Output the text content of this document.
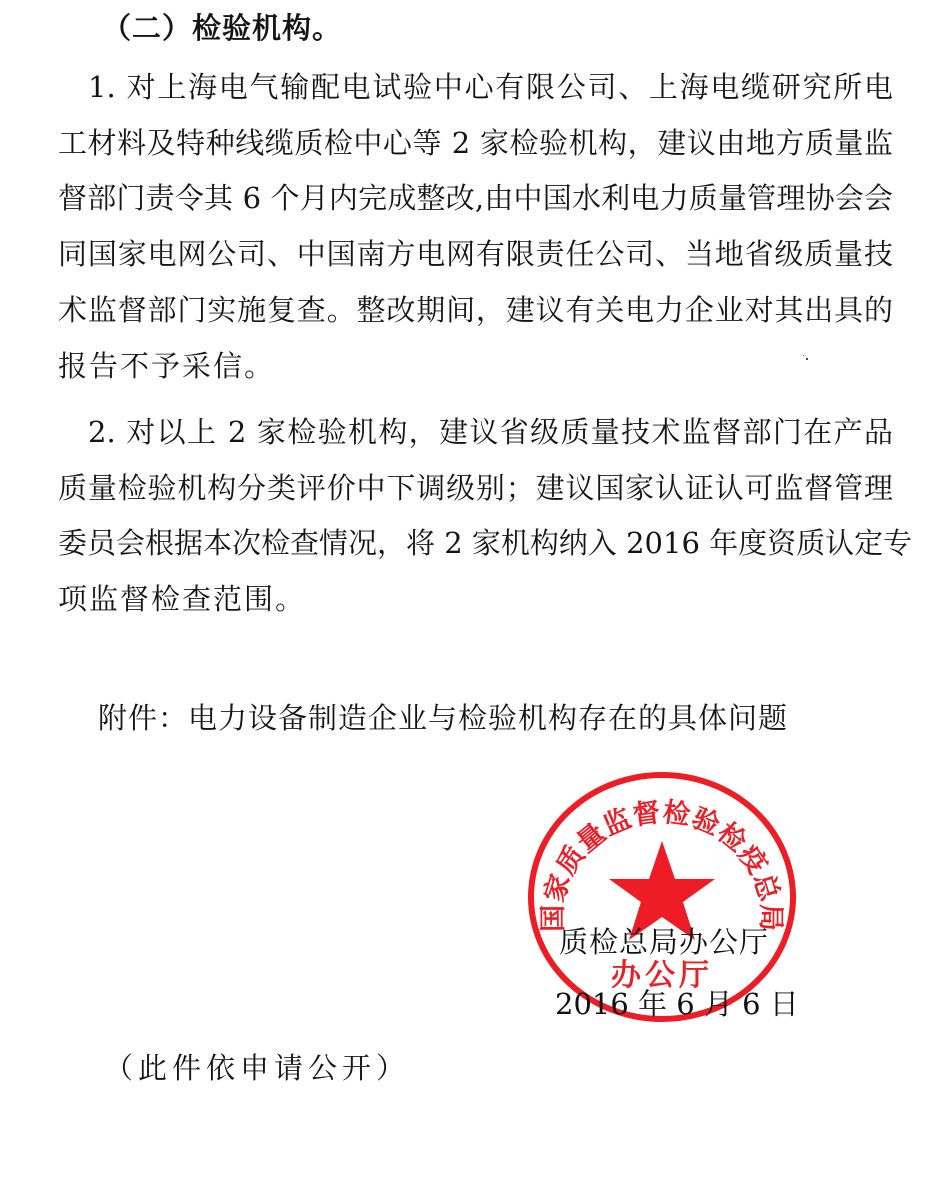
（二）检验机构。
1. 对上海电气输配电试验中心有限公司、上海电缆研究所电
工材料及特种线缆质检中心等 2 家检验机构，建议由地方质量监
督部门责令其 6 个月内完成整改,由中国水利电力质量管理协会会
同国家电网公司、中国南方电网有限责任公司、当地省级质量技
术监督部门实施复查。整改期间，建议有关电力企业对其出具的
报告不予采信。
2. 对以上 2 家检验机构，建议省级质量技术监督部门在产品
质量检验机构分类评价中下调级别；建议国家认证认可监督管理
委员会根据本次检查情况，将 2 家机构纳入 2016 年度资质认定专
项监督检查范围。
附件：电力设备制造企业与检验机构存在的具体问题
国家质量监督检验检疫总局
办公厅
质检总局办公厅
2016 年 6 月 6 日
（此件依申请公开）
